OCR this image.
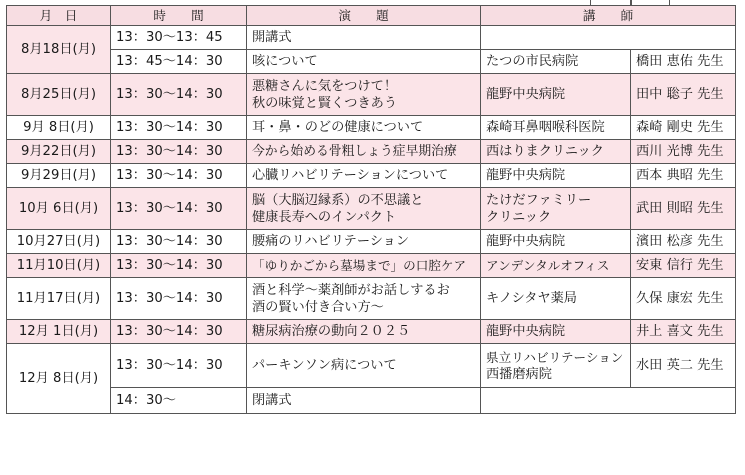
月　日	時　　間	演　　題	講　　師	
8月18日(月)	13：30～13：45	開講式		
	13：45～14：30	咳について	たつの市民病院	橋田 恵佑 先生
8月25日(月)	13：30～14：30	悪糖さんに気をつけて！
秋の味覚と賢くつきあう	龍野中央病院	田中 聡子 先生
9月 8日(月)	13：30～14：30	耳・鼻・のどの健康について	森崎耳鼻咽喉科医院	森崎 剛史 先生
9月22日(月)	13：30～14：30	今から始める骨粗しょう症早期治療	西はりまクリニック	西川 光博 先生
9月29日(月)	13：30～14：30	心臓リハビリテーションについて	龍野中央病院	西本 典昭 先生
10月 6日(月)	13：30～14：30	脳（大脳辺縁系）の不思議と
健康長寿へのインパクト	たけだファミリー
クリニック	武田 則昭 先生
10月27日(月)	13：30～14：30	腰痛のリハビリテーション	龍野中央病院	濱田 松彦 先生
11月10日(月)	13：30～14：30	「ゆりかごから墓場まで」の口腔ケア	アンデンタルオフィス	安東 信行 先生
11月17日(月)	13：30～14：30	酒と科学～薬剤師がお話しするお
酒の賢い付き合い方～	キノシタヤ薬局	久保 康宏 先生
12月 1日(月)	13：30～14：30	糖尿病治療の動向２０２５	龍野中央病院	井上 喜文 先生
12月 8日(月)	13：30～14：30	パーキンソン病について	県立リハビリテーション
西播磨病院	水田 英二 先生
	14：30～	閉講式		
